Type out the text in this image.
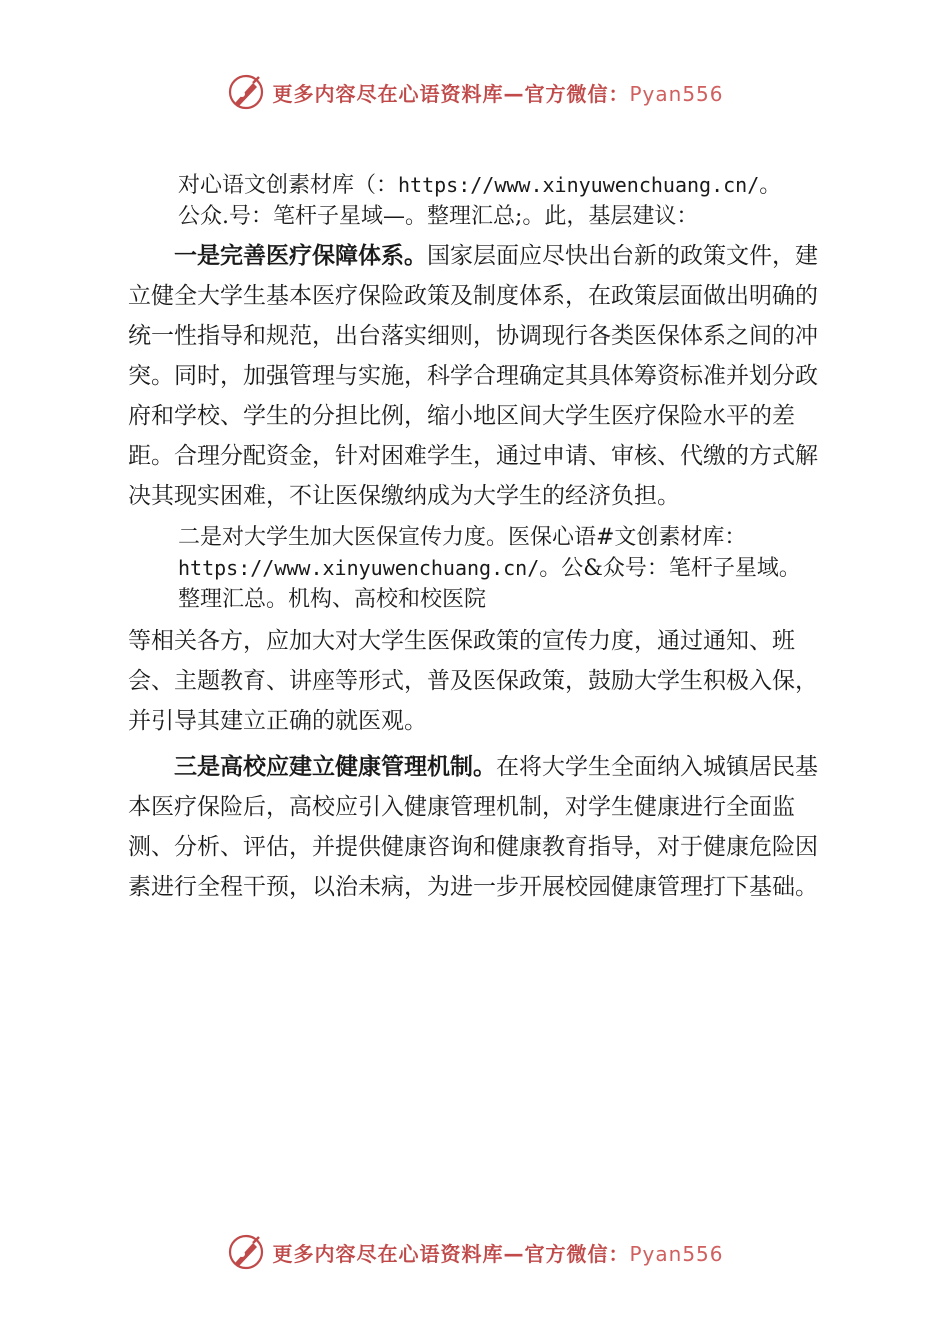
更多内容尽在心语资料库—官方微信：Pyan556
对心语文创素材库（：https://www.xinyuwenchuang.cn/。
公众.号：笔杆子星域—。整理汇总;。此，基层建议：

一是完善医疗保障体系。国家层面应尽快出台新的政策文件，建立健全大学生基本医疗保险政策及制度体系，在政策层面做出明确的统一性指导和规范，出台落实细则，协调现行各类医保体系之间的冲突。同时，加强管理与实施，科学合理确定其具体筹资标准并划分政府和学校、学生的分担比例，缩小地区间大学生医疗保险水平的差距。合理分配资金，针对困难学生，通过申请、审核、代缴的方式解决其现实困难，不让医保缴纳成为大学生的经济负担。

二是对大学生加大医保宣传力度。医保心语#文创素材库：
https://www.xinyuwenchuang.cn/。公&众号：笔杆子星域。
整理汇总。机构、高校和校医院

等相关各方，应加大对大学生医保政策的宣传力度，通过通知、班会、主题教育、讲座等形式，普及医保政策，鼓励大学生积极入保，并引导其建立正确的就医观。

三是高校应建立健康管理机制。在将大学生全面纳入城镇居民基本医疗保险后，高校应引入健康管理机制，对学生健康进行全面监测、分析、评估，并提供健康咨询和健康教育指导，对于健康危险因素进行全程干预，以治未病，为进一步开展校园健康管理打下基础。

更多内容尽在心语资料库—官方微信：Pyan556
